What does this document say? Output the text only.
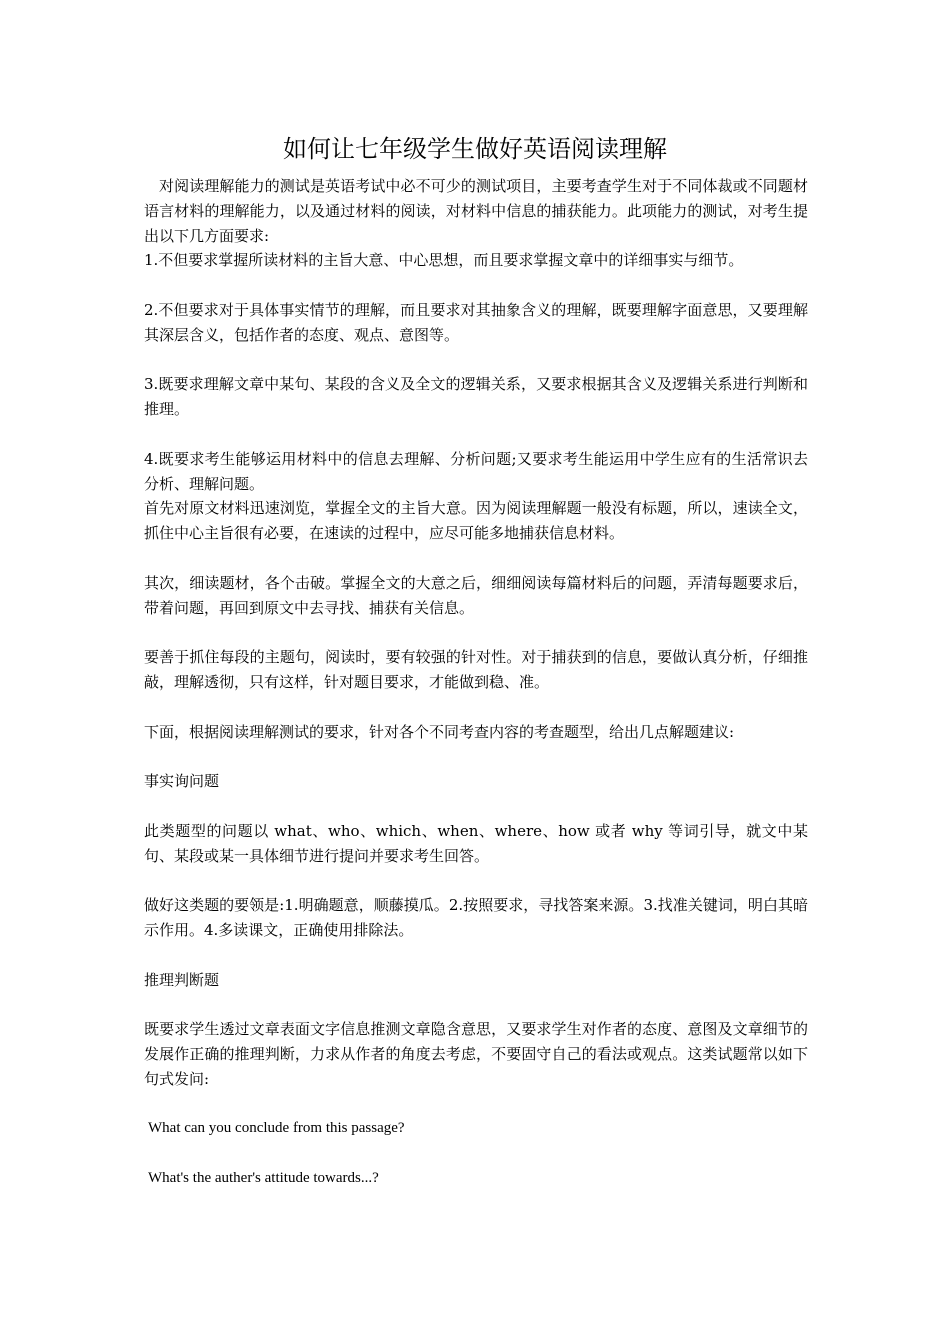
如何让七年级学生做好英语阅读理解

对阅读理解能力的测试是英语考试中必不可少的测试项目，主要考查学生对于不同体裁或不同题材语言材料的理解能力，以及通过材料的阅读，对材料中信息的捕获能力。此项能力的测试，对考生提出以下几方面要求:

1.不但要求掌握所读材料的主旨大意、中心思想，而且要求掌握文章中的详细事实与细节。

2.不但要求对于具体事实情节的理解，而且要求对其抽象含义的理解，既要理解字面意思，又要理解其深层含义，包括作者的态度、观点、意图等。

3.既要求理解文章中某句、某段的含义及全文的逻辑关系，又要求根据其含义及逻辑关系进行判断和推理。

4.既要求考生能够运用材料中的信息去理解、分析问题;又要求考生能运用中学生应有的生活常识去分析、理解问题。

首先对原文材料迅速浏览，掌握全文的主旨大意。因为阅读理解题一般没有标题，所以，速读全文，抓住中心主旨很有必要，在速读的过程中，应尽可能多地捕获信息材料。

其次，细读题材，各个击破。掌握全文的大意之后，细细阅读每篇材料后的问题，弄清每题要求后，带着问题，再回到原文中去寻找、捕获有关信息。

要善于抓住每段的主题句，阅读时，要有较强的针对性。对于捕获到的信息，要做认真分析，仔细推敲，理解透彻，只有这样，针对题目要求，才能做到稳、准。

下面，根据阅读理解测试的要求，针对各个不同考查内容的考查题型，给出几点解题建议:

事实询问题

此类题型的问题以 what、who、which、when、where、how 或者 why 等词引导，就文中某句、某段或某一具体细节进行提问并要求考生回答。

做好这类题的要领是:1.明确题意，顺藤摸瓜。2.按照要求，寻找答案来源。3.找准关键词，明白其暗示作用。4.多读课文，正确使用排除法。

推理判断题

既要求学生透过文章表面文字信息推测文章隐含意思，又要求学生对作者的态度、意图及文章细节的发展作正确的推理判断，力求从作者的角度去考虑，不要固守自己的看法或观点。这类试题常以如下句式发问:

What can you conclude from this passage?

What's the auther's attitude towards...?
